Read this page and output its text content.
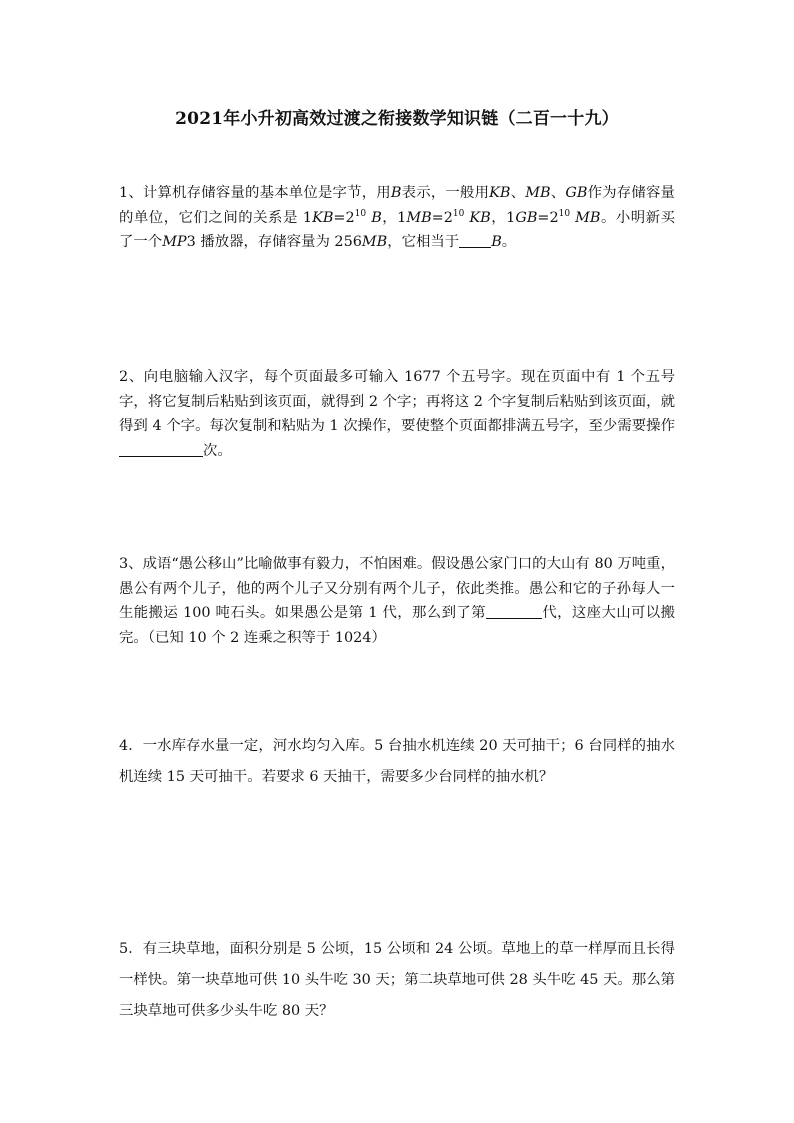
2021年小升初高效过渡之衔接数学知识链（二百一十九）
1、计算机存储容量的基本单位是字节，用B表示，一般用KB、MB、GB作为存储容量的单位，它们之间的关系是 $1KB=2^{10}$ B，$1MB=2^{10}$ KB，$1GB=2^{10}$ MB。小明新买了一个MP3 播放器，存储容量为 256MB，它相当于 B。
2、向电脑输入汉字，每个页面最多可输入 1677 个五号字。现在页面中有 1 个五号字，将它复制后粘贴到该页面，就得到 2 个字；再将这 2 个字复制后粘贴到该页面，就得到 4 个字。每次复制和粘贴为 1 次操作，要使整个页面都排满五号字，至少需要操作次。
3、成语“愚公移山”比喻做事有毅力，不怕困难。假设愚公家门口的大山有 80 万吨重，愚公有两个儿子，他的两个儿子又分别有两个儿子，依此类推。愚公和它的子孙每人一生能搬运 100 吨石头。如果愚公是第 1 代，那么到了第	代，这座大山可以搬完。（已知 10 个 2 连乘之积等于 1024）
4．一水库存水量一定，河水均匀入库。5 台抽水机连续 20 天可抽干；6 台同样的抽水机连续 15 天可抽干。若要求 6 天抽干，需要多少台同样的抽水机？
5．有三块草地，面积分别是 5 公顷，15 公顷和 24 公顷。草地上的草一样厚而且长得一样快。第一块草地可供 10 头牛吃 30 天；第二块草地可供 28 头牛吃 45 天。那么第三块草地可供多少头牛吃 80 天？
